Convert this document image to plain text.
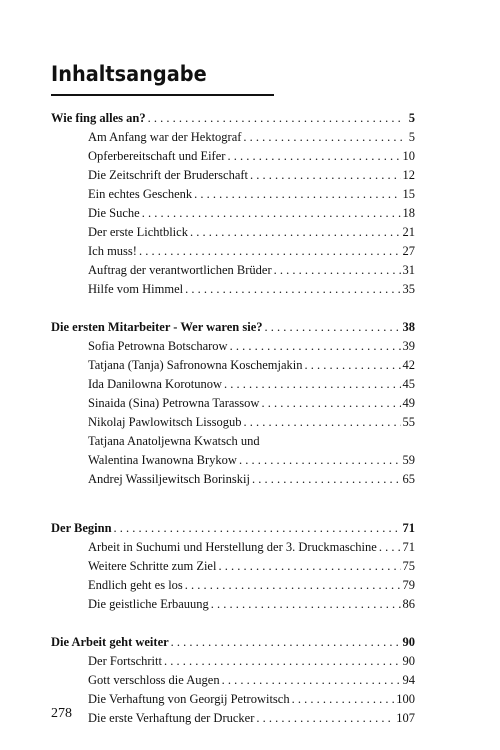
Inhaltsangabe
Wie fing alles an? . . .	5
Am Anfang war der Hektograf . . .	5
Opferbereitschaft und Eifer . . .	10
Die Zeitschrift der Bruderschaft . . .	12
Ein echtes Geschenk . . .	15
Die Suche . . .	18
Der erste Lichtblick . . .	21
Ich muss! . . .	27
Auftrag der verantwortlichen Brüder . . .	31
Hilfe vom Himmel . . .	35
Die ersten Mitarbeiter - Wer waren sie? . . .	38
Sofia Petrowna Botscharow . . .	39
Tatjana (Tanja) Safronowna Koschemjakin . . .	42
Ida Danilowna Korotunow . . .	45
Sinaida (Sina) Petrowna Tarassow . . .	49
Nikolaj Pawlowitsch Lissogub . . .	55
Tatjana Anatoljewna Kwatsch und
Walentina Iwanowna Brykow . . .	59
Andrej Wassiljewitsch Borinskij . . .	65
Der Beginn . . .	71
Arbeit in Suchumi und Herstellung der 3. Druckmaschine . . . 71
Weitere Schritte zum Ziel . . .	75
Endlich geht es los . . .	79
Die geistliche Erbauung . . .	86
Die Arbeit geht weiter . . .	90
Der Fortschritt . . .	90
Gott verschloss die Augen . . .	94
Die Verhaftung von Georgij Petrowitsch . . .	100
Die erste Verhaftung der Drucker . . .	107
278
